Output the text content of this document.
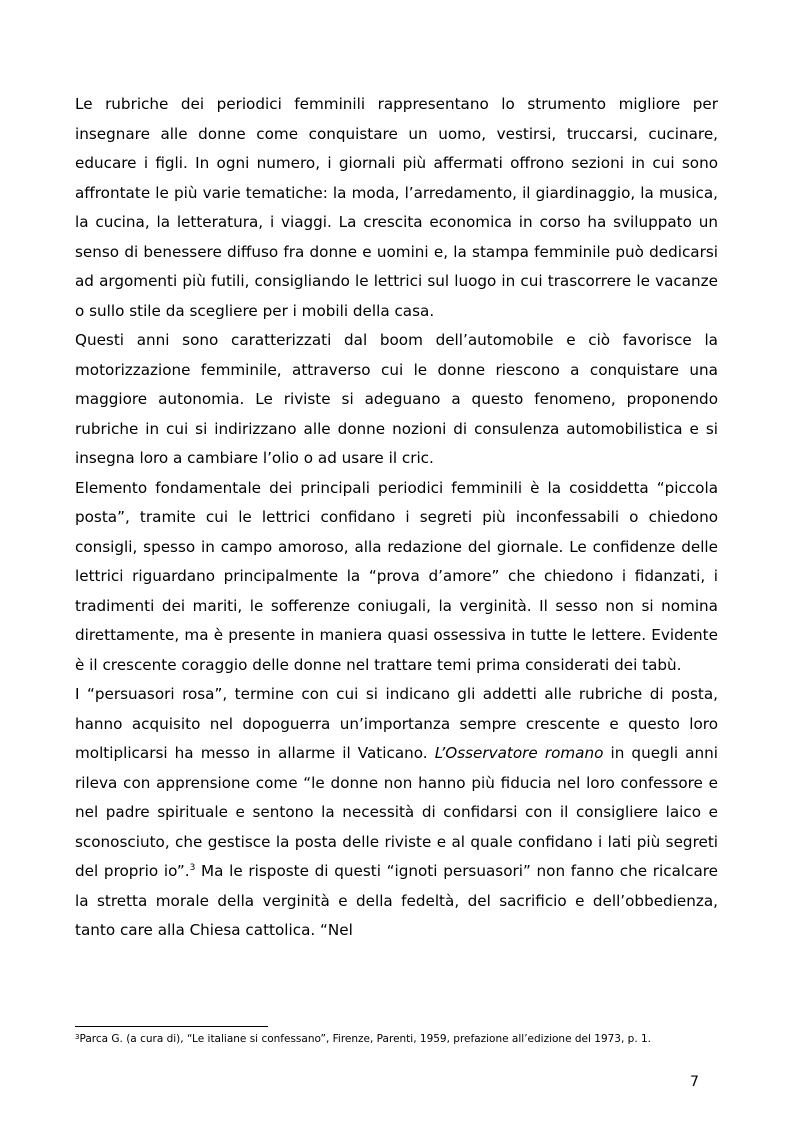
Le rubriche dei periodici femminili rappresentano lo strumento migliore per insegnare alle donne come conquistare un uomo, vestirsi, truccarsi, cucinare, educare i figli. In ogni numero, i giornali più affermati offrono sezioni in cui sono affrontate le più varie tematiche: la moda, l’arredamento, il giardinaggio, la musica, la cucina, la letteratura, i viaggi. La crescita economica in corso ha sviluppato un senso di benessere diffuso fra donne e uomini e, la stampa femminile può dedicarsi ad argomenti più futili, consigliando le lettrici sul luogo in cui trascorrere le vacanze o sullo stile da scegliere per i mobili della casa.

Questi anni sono caratterizzati dal boom dell’automobile e ciò favorisce la motorizzazione femminile, attraverso cui le donne riescono a conquistare una maggiore autonomia. Le riviste si adeguano a questo fenomeno, proponendo rubriche in cui si indirizzano alle donne nozioni di consulenza automobilistica e si insegna loro a cambiare l’olio o ad usare il cric.

Elemento fondamentale dei principali periodici femminili è la cosiddetta “piccola posta”, tramite cui le lettrici confidano i segreti più inconfessabili o chiedono consigli, spesso in campo amoroso, alla redazione del giornale. Le confidenze delle lettrici riguardano principalmente la “prova d’amore” che chiedono i fidanzati, i tradimenti dei mariti, le sofferenze coniugali, la verginità. Il sesso non si nomina direttamente, ma è presente in maniera quasi ossessiva in tutte le lettere. Evidente è il crescente coraggio delle donne nel trattare temi prima considerati dei tabù.

I “persuasori rosa”, termine con cui si indicano gli addetti alle rubriche di posta, hanno acquisito nel dopoguerra un’importanza sempre crescente e questo loro moltiplicarsi ha messo in allarme il Vaticano. L’Osservatore romano in quegli anni rileva con apprensione come “le donne non hanno più fiducia nel loro confessore e nel padre spirituale e sentono la necessità di confidarsi con il consigliere laico e sconosciuto, che gestisce la posta delle riviste e al quale confidano i lati più segreti del proprio io”.$^3$ Ma le risposte di questi “ignoti persuasori” non fanno che ricalcare la stretta morale della verginità e della fedeltà, del sacrificio e dell’obbedienza, tanto care alla Chiesa cattolica. “Nel

$^3$Parca G. (a cura di), “Le italiane si confessano”, Firenze, Parenti, 1959, prefazione all’edizione del 1973, p. 1.
7
